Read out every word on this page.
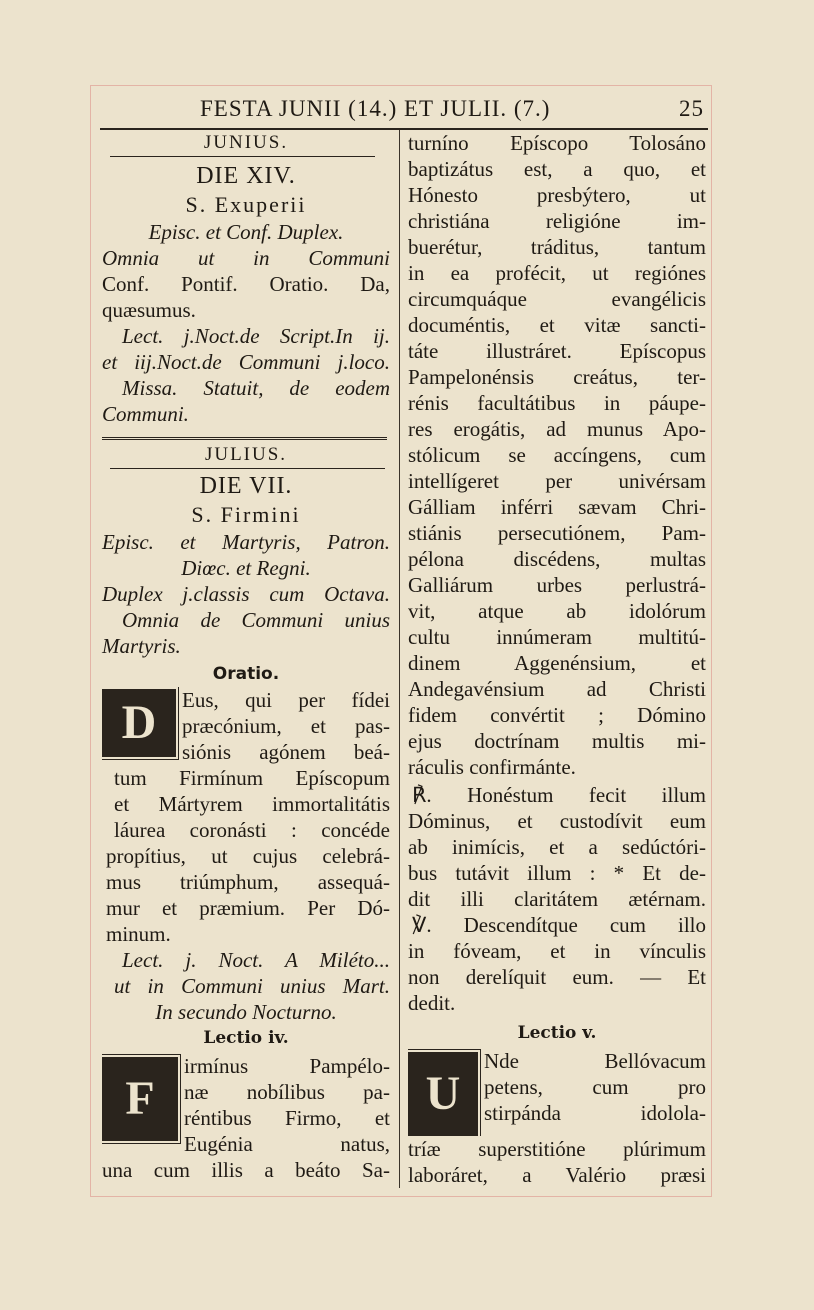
FESTA JUNII (14.) ET JULII. (7.)	25
JUNIUS.
DIE XIV.
S. Exuperii
Episc. et Conf. Duplex.
Omnia ut in Communi
Conf. Pontif. Oratio. Da,
quæsumus.
Lect. j.Noct.de Script.In ij.
et iij.Noct.de Communi j.loco.
Missa. Statuit, de eodem
Communi.
JULIUS.
DIE VII.
S. Firmini
Episc. et Martyris, Patron.
Diœc. et Regni.
Duplex j.classis cum Octava.
Omnia de Communi unius
Martyris.
Oratio.
D	Eus, qui per fídei
præcónium, et pas-
siónis agónem beá-
tum Firmínum Epíscopum
et Mártyrem immortalitátis
láurea coronásti : concéde
propítius, ut cujus celebrá-
mus triúmphum, assequá-
mur et præmium. Per Dó-
minum.
Lect. j. Noct. A Miléto...
ut in Communi unius Mart.
In secundo Nocturno.
Lectio iv.
F
irmínus Pampélo-
næ nobílibus pa-
réntibus Firmo, et
Eugénia natus,
una cum illis a beáto Sa-
turníno Epíscopo Tolosáno
baptizátus est, a quo, et
Hónesto presbýtero, ut
christiána religióne im-
buerétur, tráditus, tantum
in ea profécit, ut regiónes
circumquáque evangélicis
documéntis, et vitæ sancti-
táte illustráret. Epíscopus
Pampelonénsis creátus, ter-
rénis facultátibus in páupe-
res erogátis, ad munus Apo-
stólicum se accíngens, cum
intellígeret per univérsam
Gálliam inférri sævam Chri-
stiánis persecutiónem, Pam-
pélona discédens, multas
Galliárum urbes perlustrá-
vit, atque ab idolórum
cultu innúmeram multitú-
dinem Aggenénsium, et
Andegavénsium ad Christi
fidem convértit ; Dómino
ejus doctrínam multis mi-
ráculis confirmánte.
℟. Honéstum fecit illum
Dóminus, et custodívit eum
ab inimícis, et a sedúctóri-
bus tutávit illum : * Et de-
dit illi claritátem ætérnam.
℣. Descendítque cum illo
in fóveam, et in vínculis
non derelíquit eum. — Et
dedit.
Lectio v.
U
Nde Bellóvacum
petens, cum pro
stirpánda idolola-
tríæ superstitióne plúrimum
laboráret, a Valério præsi
